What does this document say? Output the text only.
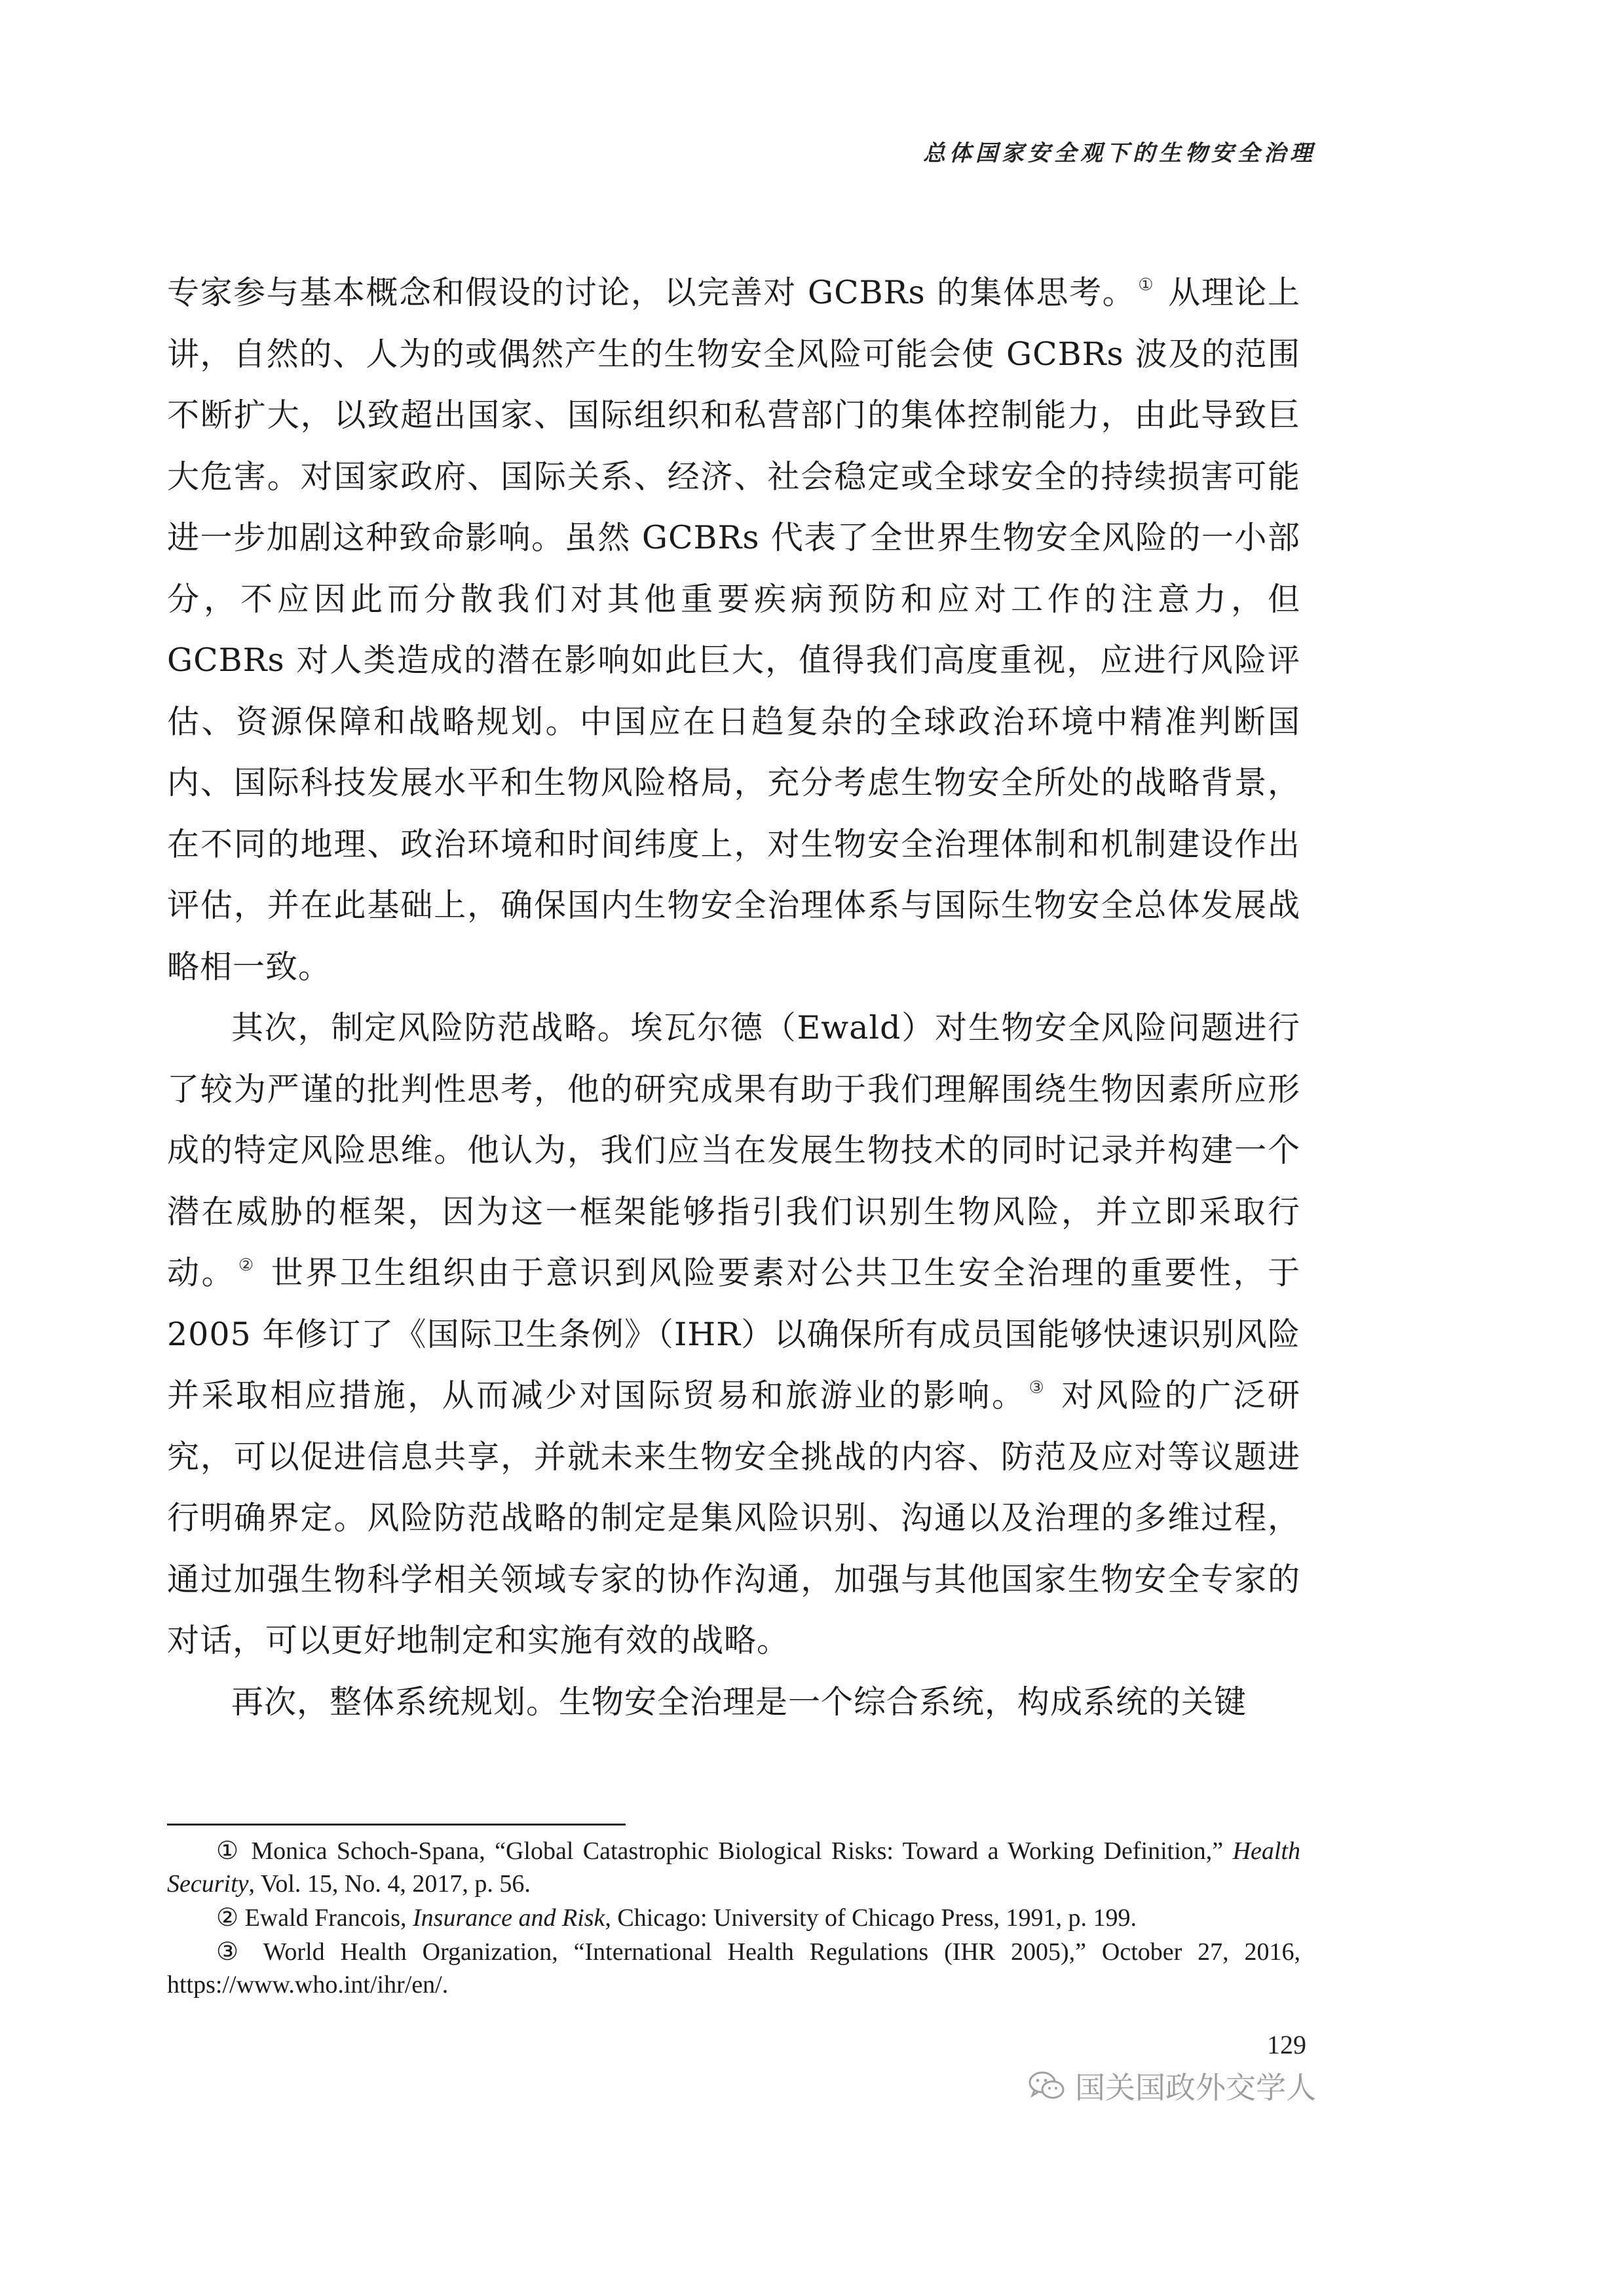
总体国家安全观下的生物安全治理

专家参与基本概念和假设的讨论，以完善对 GCBRs 的集体思考。 ① 从理论上讲，自然的、人为的或偶然产生的生物安全风险可能会使 GCBRs 波及的范围不断扩大，以致超出国家、国际组织和私营部门的集体控制能力，由此导致巨大危害。对国家政府、国际关系、经济、社会稳定或全球安全的持续损害可能进一步加剧这种致命影响。虽然 GCBRs 代表了全世界生物安全风险的一小部分，不应因此而分散我们对其他重要疾病预防和应对工作的注意力，但 GCBRs 对人类造成的潜在影响如此巨大，值得我们高度重视，应进行风险评估、资源保障和战略规划。中国应在日趋复杂的全球政治环境中精准判断国内、国际科技发展水平和生物风险格局，充分考虑生物安全所处的战略背景，在不同的地理、政治环境和时间纬度上，对生物安全治理体制和机制建设作出评估，并在此基础上，确保国内生物安全治理体系与国际生物安全总体发展战略相一致。

其次，制定风险防范战略。埃瓦尔德（Ewald）对生物安全风险问题进行了较为严谨的批判性思考，他的研究成果有助于我们理解围绕生物因素所应形成的特定风险思维。他认为，我们应当在发展生物技术的同时记录并构建一个潜在威胁的框架，因为这一框架能够指引我们识别生物风险，并立即采取行动。 ② 世界卫生组织由于意识到风险要素对公共卫生安全治理的重要性，于 2005 年修订了《国际卫生条例》（IHR）以确保所有成员国能够快速识别风险并采取相应措施，从而减少对国际贸易和旅游业的影响。 ③ 对风险的广泛研究，可以促进信息共享，并就未来生物安全挑战的内容、防范及应对等议题进行明确界定。风险防范战略的制定是集风险识别、沟通以及治理的多维过程，通过加强生物科学相关领域专家的协作沟通，加强与其他国家生物安全专家的对话，可以更好地制定和实施有效的战略。

再次，整体系统规划。生物安全治理是一个综合系统，构成系统的关键

① Monica Schoch-Spana, “Global Catastrophic Biological Risks: Toward a Working Definition,” Health Security, Vol. 15, No. 4, 2017, p. 56.

② Ewald Francois, Insurance and Risk, Chicago: University of Chicago Press, 1991, p. 199.

③ World Health Organization, “International Health Regulations (IHR 2005),” October 27, 2016, https://www.who.int/ihr/en/.

129
国关国政外交学人
